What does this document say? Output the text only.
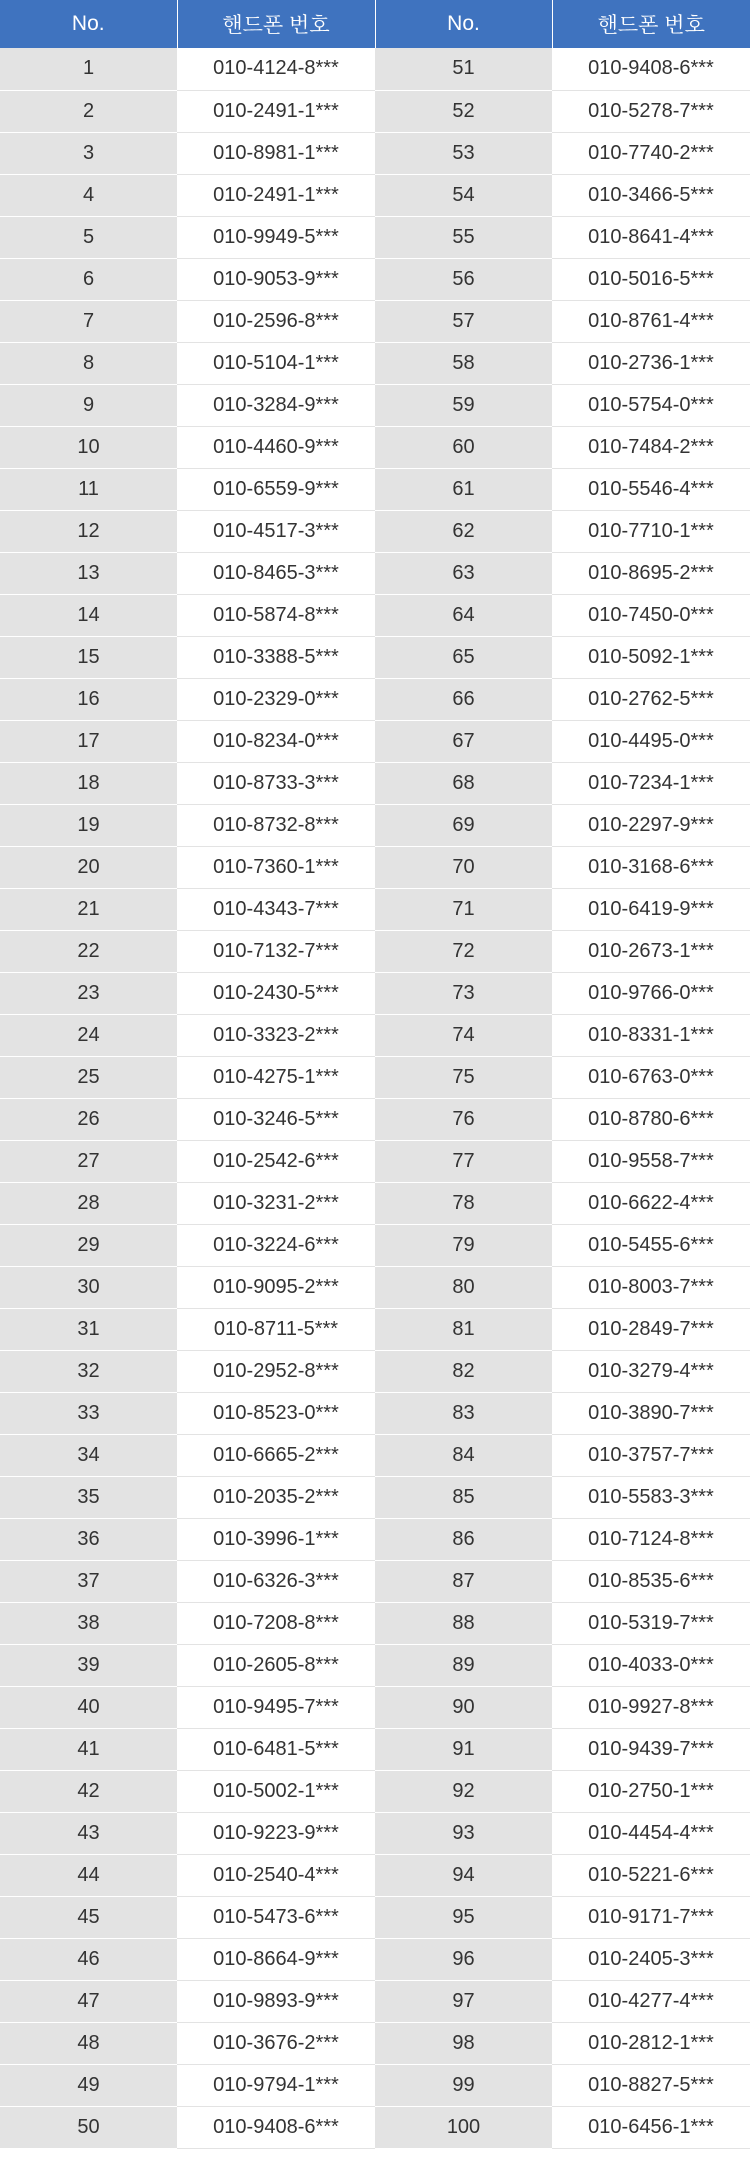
No.	핸드폰 번호	No.	핸드폰 번호
1	010-4124-8***	51	010-9408-6***
2	010-2491-1***	52	010-5278-7***
3	010-8981-1***	53	010-7740-2***
4	010-2491-1***	54	010-3466-5***
5	010-9949-5***	55	010-8641-4***
6	010-9053-9***	56	010-5016-5***
7	010-2596-8***	57	010-8761-4***
8	010-5104-1***	58	010-2736-1***
9	010-3284-9***	59	010-5754-0***
10	010-4460-9***	60	010-7484-2***
11	010-6559-9***	61	010-5546-4***
12	010-4517-3***	62	010-7710-1***
13	010-8465-3***	63	010-8695-2***
14	010-5874-8***	64	010-7450-0***
15	010-3388-5***	65	010-5092-1***
16	010-2329-0***	66	010-2762-5***
17	010-8234-0***	67	010-4495-0***
18	010-8733-3***	68	010-7234-1***
19	010-8732-8***	69	010-2297-9***
20	010-7360-1***	70	010-3168-6***
21	010-4343-7***	71	010-6419-9***
22	010-7132-7***	72	010-2673-1***
23	010-2430-5***	73	010-9766-0***
24	010-3323-2***	74	010-8331-1***
25	010-4275-1***	75	010-6763-0***
26	010-3246-5***	76	010-8780-6***
27	010-2542-6***	77	010-9558-7***
28	010-3231-2***	78	010-6622-4***
29	010-3224-6***	79	010-5455-6***
30	010-9095-2***	80	010-8003-7***
31	010-8711-5***	81	010-2849-7***
32	010-2952-8***	82	010-3279-4***
33	010-8523-0***	83	010-3890-7***
34	010-6665-2***	84	010-3757-7***
35	010-2035-2***	85	010-5583-3***
36	010-3996-1***	86	010-7124-8***
37	010-6326-3***	87	010-8535-6***
38	010-7208-8***	88	010-5319-7***
39	010-2605-8***	89	010-4033-0***
40	010-9495-7***	90	010-9927-8***
41	010-6481-5***	91	010-9439-7***
42	010-5002-1***	92	010-2750-1***
43	010-9223-9***	93	010-4454-4***
44	010-2540-4***	94	010-5221-6***
45	010-5473-6***	95	010-9171-7***
46	010-8664-9***	96	010-2405-3***
47	010-9893-9***	97	010-4277-4***
48	010-3676-2***	98	010-2812-1***
49	010-9794-1***	99	010-8827-5***
50	010-9408-6***	100	010-6456-1***
